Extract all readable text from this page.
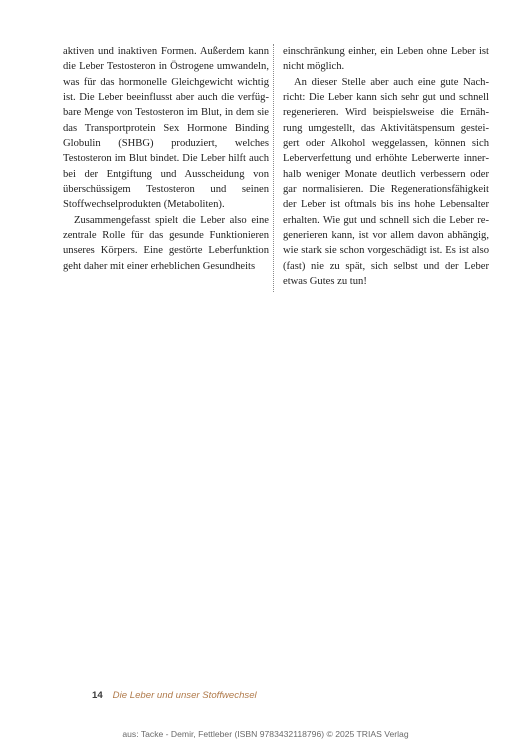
aktiven und inaktiven Formen. Außerdem kann die Leber Testosteron in Östrogene umwandeln, was für das hormonelle Gleichgewicht wichtig ist. Die Leber beeinflusst aber auch die verfügbare Menge von Testosteron im Blut, in dem sie das Transportprotein Sex Hormone Binding Globulin (SHBG) produziert, welches Testosteron im Blut bindet. Die Leber hilft auch bei der Entgiftung und Ausscheidung von überschüssigem Testosteron und seinen Stoffwechselprodukten (Metaboliten).

Zusammengefasst spielt die Leber also eine zentrale Rolle für das gesunde Funktionieren unseres Körpers. Eine gestörte Leberfunktion geht daher mit einer erheblichen Gesundheits

einschränkung einher, ein Leben ohne Leber ist nicht möglich.

An dieser Stelle aber auch eine gute Nachricht: Die Leber kann sich sehr gut und schnell regenerieren. Wird beispielsweise die Ernährung umgestellt, das Aktivitätspensum gesteigert oder Alkohol weggelassen, können sich Leberverfettung und erhöhte Leberwerte innerhalb weniger Monate deutlich verbessern oder gar normalisieren. Die Regenerationsfähigkeit der Leber ist oftmals bis ins hohe Lebensalter erhalten. Wie gut und schnell sich die Leber regenerieren kann, ist vor allem davon abhängig, wie stark sie schon vorgeschädigt ist. Es ist also (fast) nie zu spät, sich selbst und der Leber etwas Gutes zu tun!

14 Die Leber und unser Stoffwechsel
aus: Tacke - Demir, Fettleber (ISBN 9783432118796) © 2025 TRIAS Verlag
